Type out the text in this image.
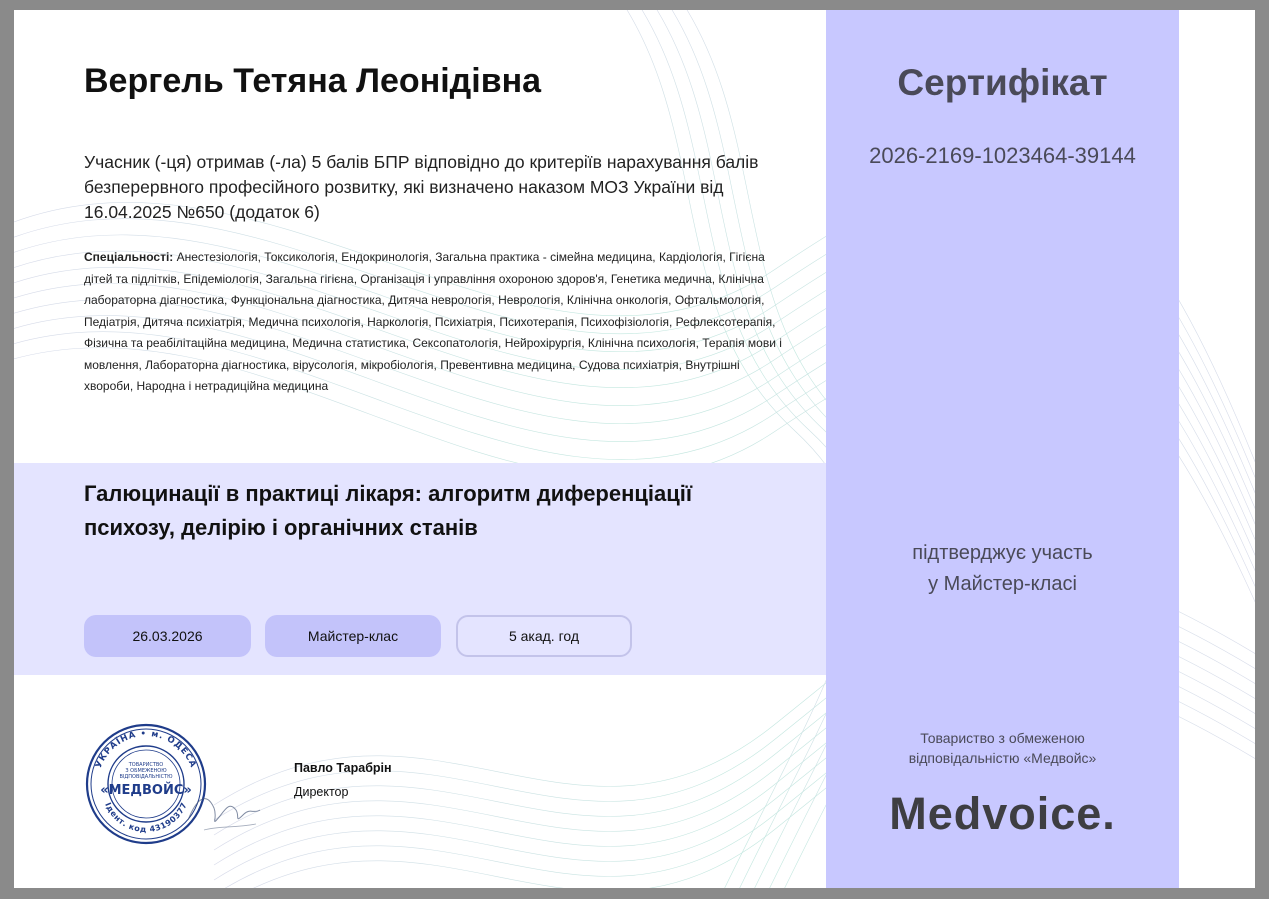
Вергель Тетяна Леонідівна

Учасник (-ця) отримав (-ла) 5 балів БПР відповідно до критеріїв нарахування балів безперервного професійного розвитку, які визначено наказом МОЗ України від 16.04.2025 №650 (додаток 6)

Спеціальності: Анестезіологія, Токсикологія, Ендокринологія, Загальна практика - сімейна медицина, Кардіологія, Гігієна дітей та підлітків, Епідеміологія, Загальна гігієна, Організація і управління охороною здоров'я, Генетика медична, Клінічна лабораторна діагностика, Функціональна діагностика, Дитяча неврологія, Неврологія, Клінічна онкологія, Офтальмологія, Педіатрія, Дитяча психіатрія, Медична психологія, Наркологія, Психіатрія, Психотерапія, Психофізіологія, Рефлексотерапія, Фізична та реабілітаційна медицина, Медична статистика, Сексопатологія, Нейрохірургія, Клінічна психологія, Терапія мови і мовлення, Лабораторна діагностика, вірусологія, мікробіологія, Превентивна медицина, Судова психіатрія, Внутрішні хвороби, Народна і нетрадиційна медицина

Галюцинації в практиці лікаря: алгоритм диференціації психозу, делірію і органічних станів
26.03.2026	Майстер-клас	5 акад. год
УКРАЇНА • м. ОДЕСА
Ідент. код 43190377
ТОВАРИСТВО
З ОБМЕЖЕНОЮ
ВІДПОВІДАЛЬНІСТЮ
«МЕДВОЙС»

Павло Тарабрін

Директор

Сертифікат

2026-2169-1023464-39144

підтверджує участь
у Майстер-класі
Товариство з обмеженою
відповідальністю «Медвойс»
Medvoice.
